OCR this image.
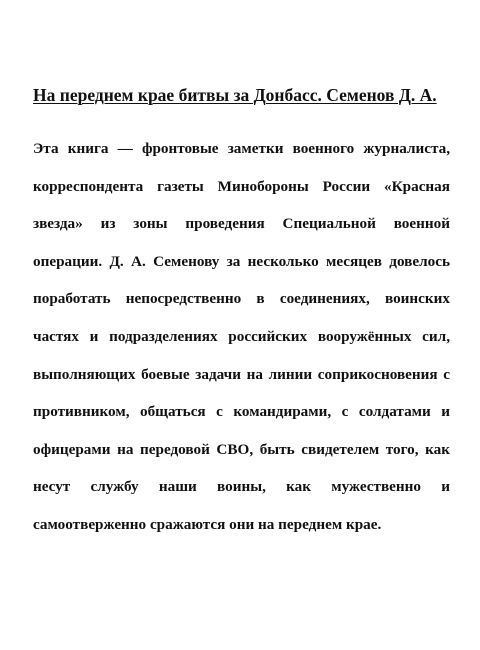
На переднем крае битвы за Донбасс. Семенов Д. А.

Эта книга — фронтовые заметки военного журналиста, корреспондента газеты Минобороны России «Красная звезда» из зоны проведения Специальной военной операции. Д. А. Семенову за несколько месяцев довелось поработать непосредственно в соединениях, воинских частях и подразделениях российских вооружённых сил, выполняющих боевые задачи на линии соприкосновения с противником, общаться с командирами, с солдатами и офицерами на передовой СВО, быть свидетелем того, как несут службу наши воины, как мужественно и самоотверженно сражаются они на переднем крае.
